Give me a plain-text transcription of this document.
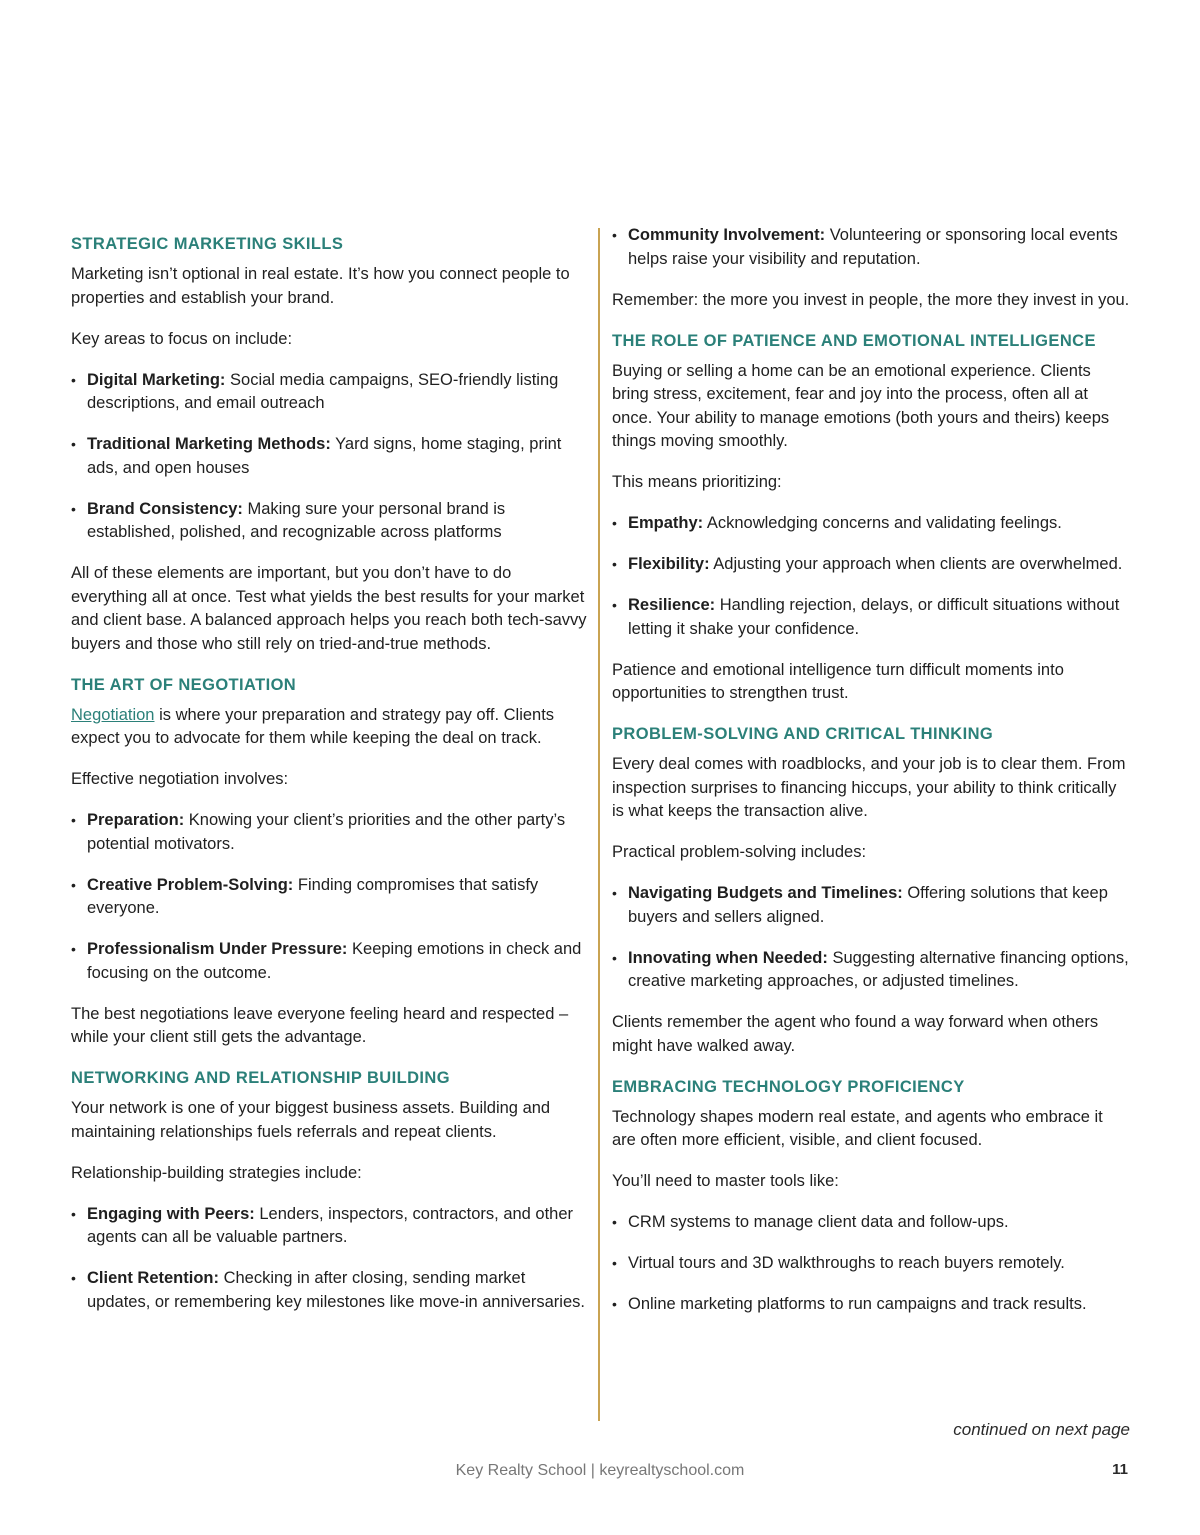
STRATEGIC MARKETING SKILLS

Marketing isn’t optional in real estate. It’s how you connect people to properties and establish your brand.

Key areas to focus on include:

• Digital Marketing: Social media campaigns, SEO-friendly listing descriptions, and email outreach
• Traditional Marketing Methods: Yard signs, home staging, print ads, and open houses
• Brand Consistency: Making sure your personal brand is established, polished, and recognizable across platforms

All of these elements are important, but you don’t have to do everything all at once. Test what yields the best results for your market and client base. A balanced approach helps you reach both tech-savvy buyers and those who still rely on tried-and-true methods.

THE ART OF NEGOTIATION

Negotiation is where your preparation and strategy pay off. Clients expect you to advocate for them while keeping the deal on track.

Effective negotiation involves:

• Preparation: Knowing your client’s priorities and the other party’s potential motivators.
• Creative Problem-Solving: Finding compromises that satisfy everyone.
• Professionalism Under Pressure: Keeping emotions in check and focusing on the outcome.

The best negotiations leave everyone feeling heard and respected – while your client still gets the advantage.

NETWORKING AND RELATIONSHIP BUILDING

Your network is one of your biggest business assets. Building and maintaining relationships fuels referrals and repeat clients.

Relationship-building strategies include:

• Engaging with Peers: Lenders, inspectors, contractors, and other agents can all be valuable partners.
• Client Retention: Checking in after closing, sending market updates, or remembering key milestones like move-in anniversaries.
• Community Involvement: Volunteering or sponsoring local events helps raise your visibility and reputation.

Remember: the more you invest in people, the more they invest in you.

THE ROLE OF PATIENCE AND EMOTIONAL INTELLIGENCE

Buying or selling a home can be an emotional experience. Clients bring stress, excitement, fear and joy into the process, often all at once. Your ability to manage emotions (both yours and theirs) keeps things moving smoothly.

This means prioritizing:

• Empathy: Acknowledging concerns and validating feelings.
• Flexibility: Adjusting your approach when clients are overwhelmed.
• Resilience: Handling rejection, delays, or difficult situations without letting it shake your confidence.

Patience and emotional intelligence turn difficult moments into opportunities to strengthen trust.

PROBLEM-SOLVING AND CRITICAL THINKING

Every deal comes with roadblocks, and your job is to clear them. From inspection surprises to financing hiccups, your ability to think critically is what keeps the transaction alive.

Practical problem-solving includes:

• Navigating Budgets and Timelines: Offering solutions that keep buyers and sellers aligned.
• Innovating when Needed: Suggesting alternative financing options, creative marketing approaches, or adjusted timelines.

Clients remember the agent who found a way forward when others might have walked away.

EMBRACING TECHNOLOGY PROFICIENCY

Technology shapes modern real estate, and agents who embrace it are often more efficient, visible, and client focused.

You’ll need to master tools like:

• CRM systems to manage client data and follow-ups.
• Virtual tours and 3D walkthroughs to reach buyers remotely.
• Online marketing platforms to run campaigns and track results.
continued on next page
Key Realty School | keyrealtyschool.com	11
